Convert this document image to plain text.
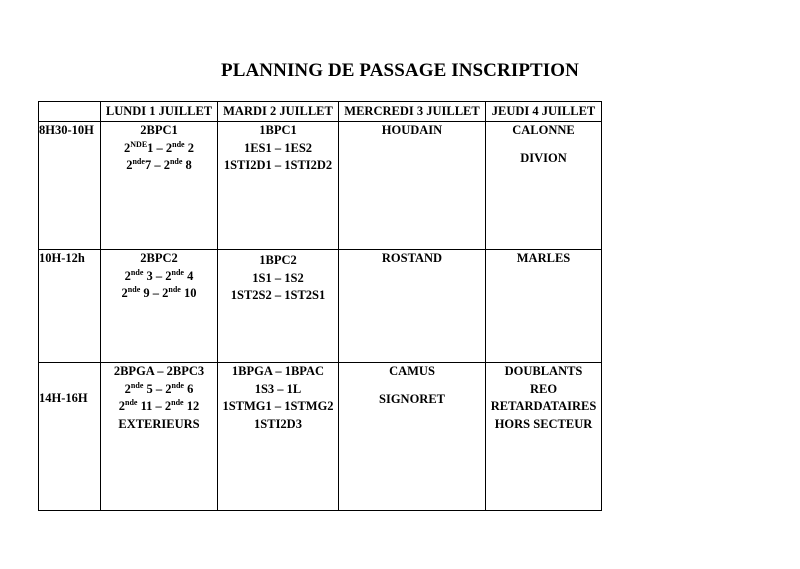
PLANNING DE PASSAGE INSCRIPTION
	LUNDI 1 JUILLET	MARDI 2 JUILLET	MERCREDI 3 JUILLET	JEUDI 4 JUILLET
8H30-10H	2BPC1
2NDE1 – 2nde 2
2nde7 – 2nde 8	1BPC1
1ES1 – 1ES2
1STI2D1 – 1STI2D2	HOUDAIN	CALONNE
DIVION

10H-12h	2BPC2
2nde 3 – 2nde 4
2nde 9 – 2nde 10	1BPC2
1S1 – 1S2
1ST2S2 – 1ST2S1	ROSTAND	MARLES

14H-16H	2BPGA – 2BPC3
2nde 5 – 2nde 6
2nde 11 – 2nde 12
EXTERIEURS	1BPGA – 1BPAC
1S3 – 1L
1STMG1 – 1STMG2
1STI2D3	CAMUS
SIGNORET	DOUBLANTS
REO
RETARDATAIRES
HORS SECTEUR
